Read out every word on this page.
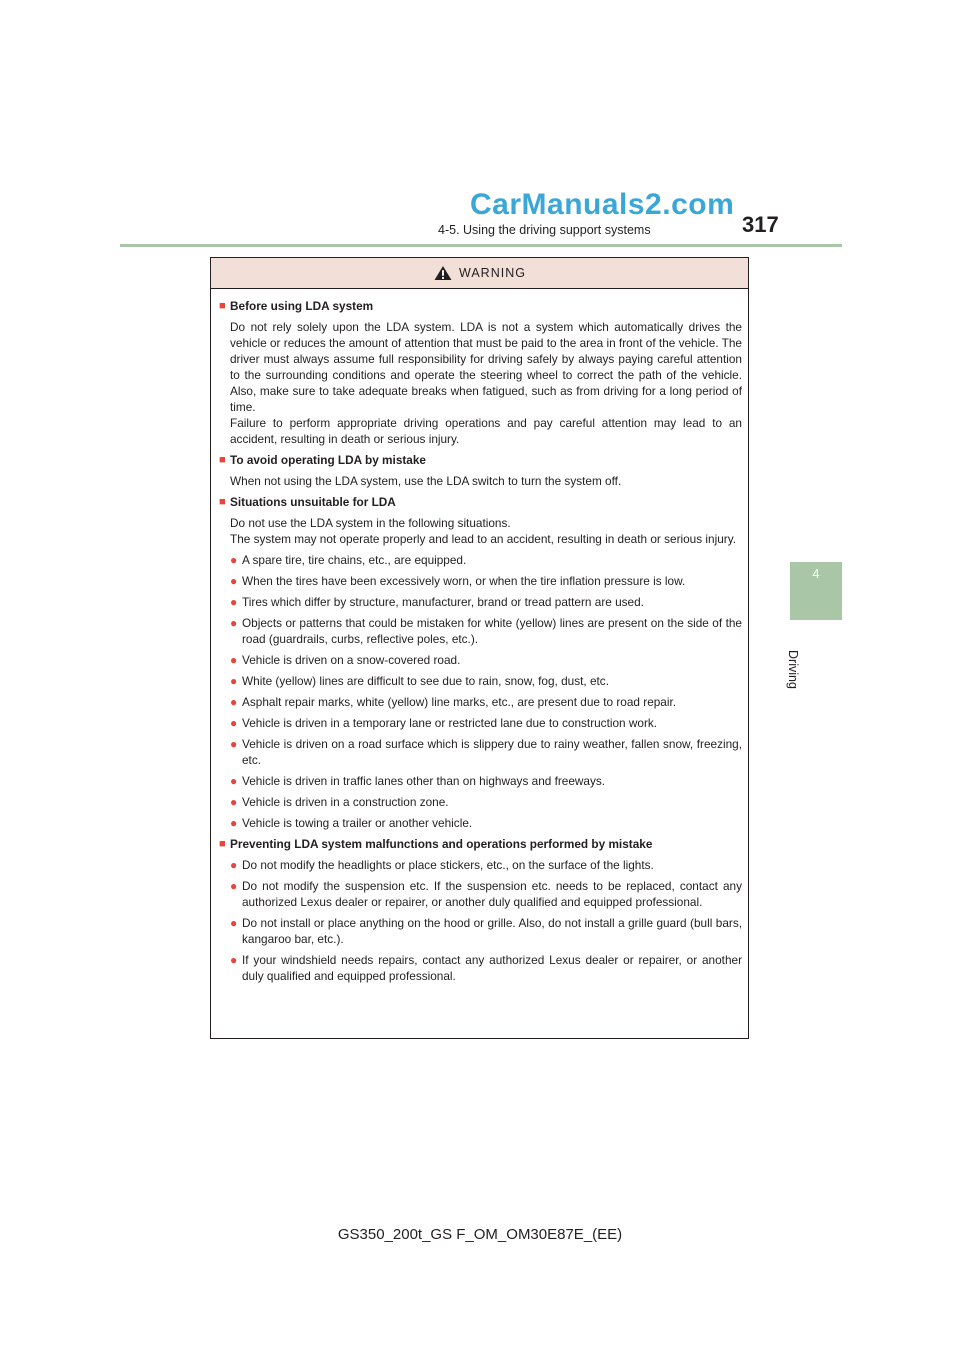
CarManuals2.com
4-5. Using the driving support systems	317
4
Driving
WARNING
■ Before using LDA system
Do not rely solely upon the LDA system. LDA is not a system which automatically drives the vehicle or reduces the amount of attention that must be paid to the area in front of the vehicle. The driver must always assume full responsibility for driving safely by always paying careful attention to the surrounding conditions and operate the steering wheel to correct the path of the vehicle. Also, make sure to take adequate breaks when fatigued, such as from driving for a long period of time.
Failure to perform appropriate driving operations and pay careful attention may lead to an accident, resulting in death or serious injury.
■ To avoid operating LDA by mistake
When not using the LDA system, use the LDA switch to turn the system off.
■ Situations unsuitable for LDA
Do not use the LDA system in the following situations.
The system may not operate properly and lead to an accident, resulting in death or serious injury.
● A spare tire, tire chains, etc., are equipped.
● When the tires have been excessively worn, or when the tire inflation pressure is low.
● Tires which differ by structure, manufacturer, brand or tread pattern are used.
● Objects or patterns that could be mistaken for white (yellow) lines are present on the side of the road (guardrails, curbs, reflective poles, etc.).
● Vehicle is driven on a snow-covered road.
● White (yellow) lines are difficult to see due to rain, snow, fog, dust, etc.
● Asphalt repair marks, white (yellow) line marks, etc., are present due to road repair.
● Vehicle is driven in a temporary lane or restricted lane due to construction work.
● Vehicle is driven on a road surface which is slippery due to rainy weather, fallen snow, freezing, etc.
● Vehicle is driven in traffic lanes other than on highways and freeways.
● Vehicle is driven in a construction zone.
● Vehicle is towing a trailer or another vehicle.
■ Preventing LDA system malfunctions and operations performed by mistake
● Do not modify the headlights or place stickers, etc., on the surface of the lights.
● Do not modify the suspension etc. If the suspension etc. needs to be replaced, contact any authorized Lexus dealer or repairer, or another duly qualified and equipped professional.
● Do not install or place anything on the hood or grille. Also, do not install a grille guard (bull bars, kangaroo bar, etc.).
● If your windshield needs repairs, contact any authorized Lexus dealer or repairer, or another duly qualified and equipped professional.
GS350_200t_GS F_OM_OM30E87E_(EE)
